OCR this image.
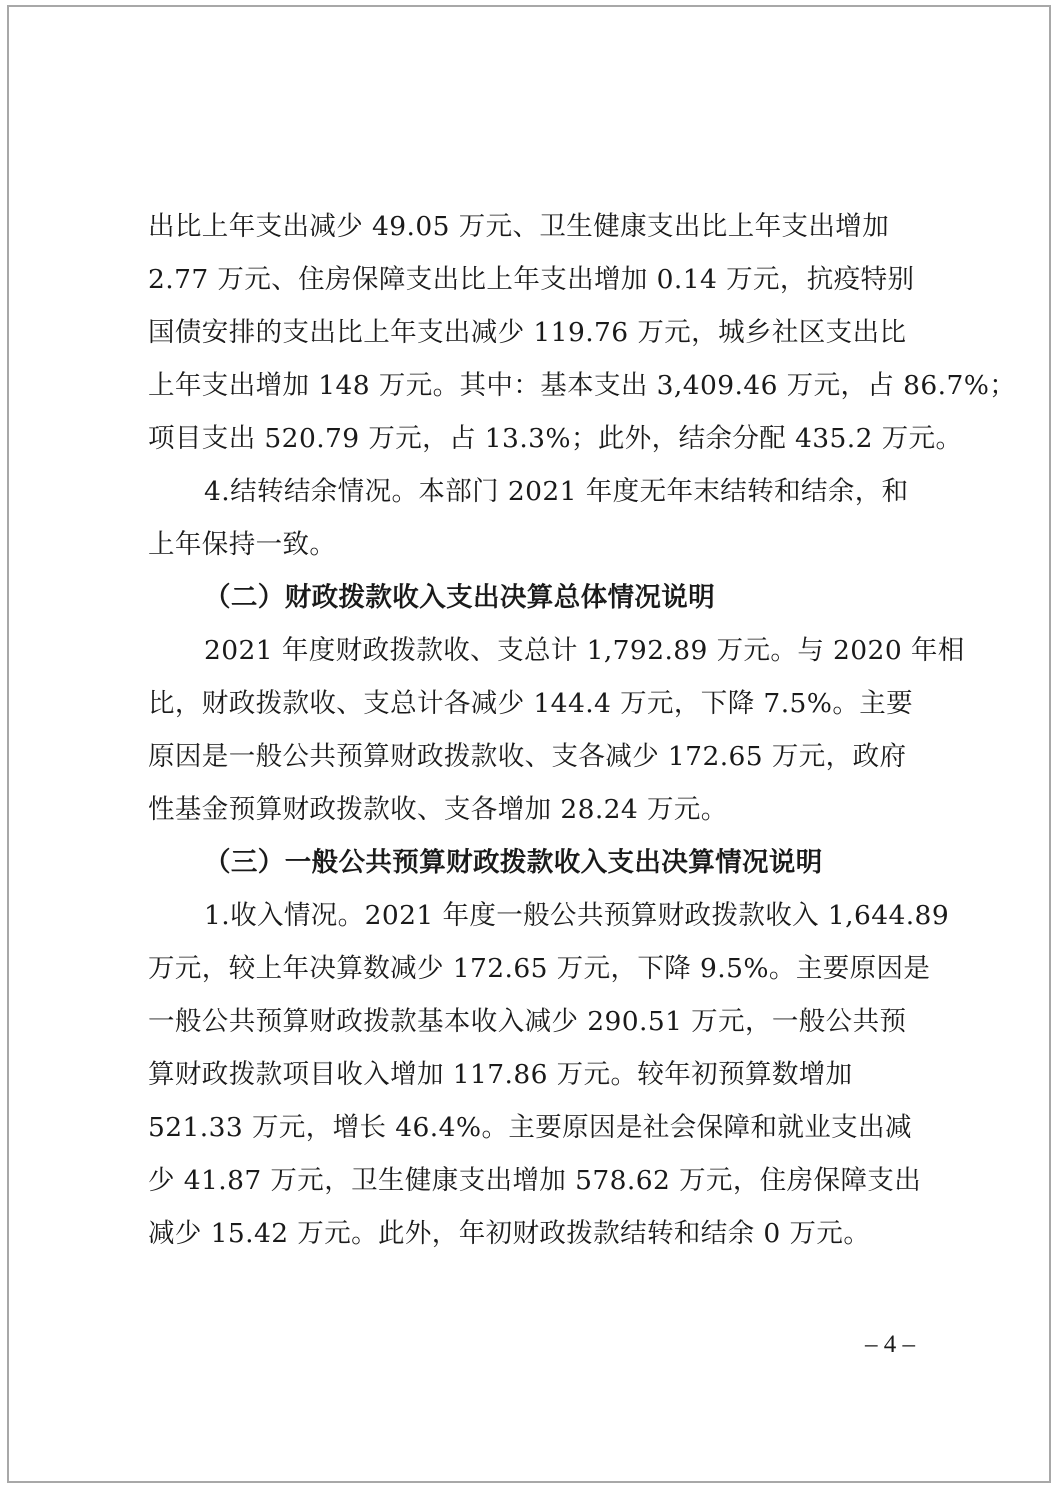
出比上年支出减少 49.05 万元、卫生健康支出比上年支出增加
2.77 万元、住房保障支出比上年支出增加 0.14 万元，抗疫特别
国债安排的支出比上年支出减少 119.76 万元，城乡社区支出比
上年支出增加 148 万元。其中：基本支出 3,409.46 万元，占 86.7%；
项目支出 520.79 万元，占 13.3%；此外，结余分配 435.2 万元。
4.结转结余情况。本部门 2021 年度无年末结转和结余，和
上年保持一致。
（二）财政拨款收入支出决算总体情况说明
2021 年度财政拨款收、支总计 1,792.89 万元。与 2020 年相
比，财政拨款收、支总计各减少 144.4 万元，下降 7.5%。主要
原因是一般公共预算财政拨款收、支各减少 172.65 万元，政府
性基金预算财政拨款收、支各增加 28.24 万元。
（三）一般公共预算财政拨款收入支出决算情况说明
1.收入情况。2021 年度一般公共预算财政拨款收入 1,644.89
万元，较上年决算数减少 172.65 万元，下降 9.5%。主要原因是
一般公共预算财政拨款基本收入减少 290.51 万元，一般公共预
算财政拨款项目收入增加 117.86 万元。较年初预算数增加
521.33 万元，增长 46.4%。主要原因是社会保障和就业支出减
少 41.87 万元，卫生健康支出增加 578.62 万元，住房保障支出
减少 15.42 万元。此外，年初财政拨款结转和结余 0 万元。
– 4 –
